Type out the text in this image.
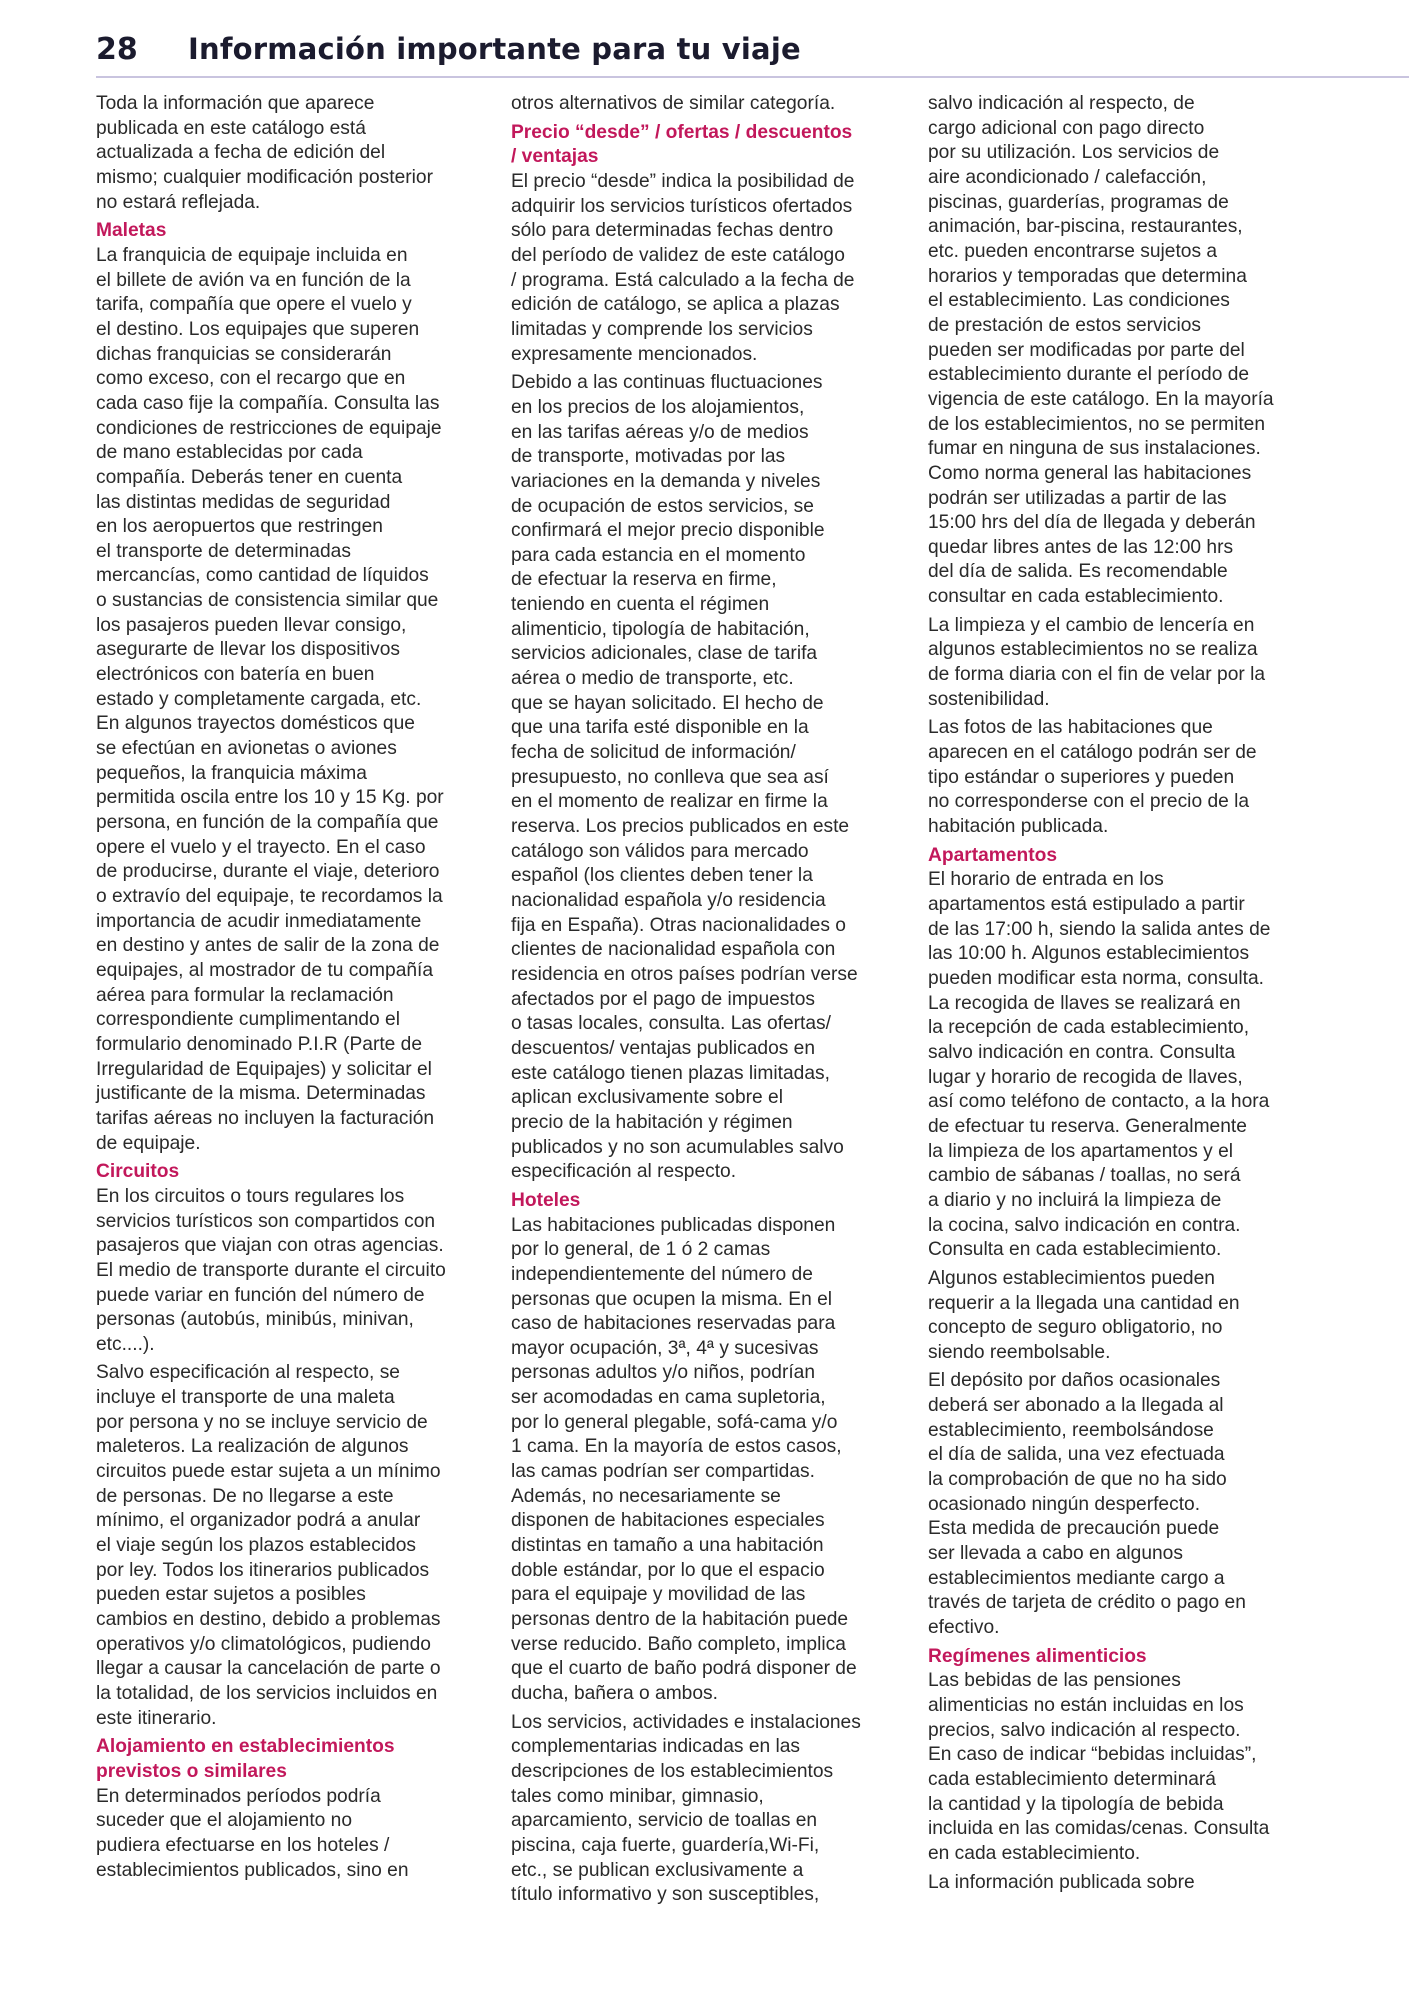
28 Información importante para tu viaje

Toda la información que aparece
publicada en este catálogo está
actualizada a fecha de edición del
mismo; cualquier modificación posterior
no estará reflejada.

Maletas

La franquicia de equipaje incluida en
el billete de avión va en función de la
tarifa, compañía que opere el vuelo y
el destino. Los equipajes que superen
dichas franquicias se considerarán
como exceso, con el recargo que en
cada caso fije la compañía. Consulta las
condiciones de restricciones de equipaje
de mano establecidas por cada
compañía. Deberás tener en cuenta
las distintas medidas de seguridad
en los aeropuertos que restringen
el transporte de determinadas
mercancías, como cantidad de líquidos
o sustancias de consistencia similar que
los pasajeros pueden llevar consigo,
asegurarte de llevar los dispositivos
electrónicos con batería en buen
estado y completamente cargada, etc.
En algunos trayectos domésticos que
se efectúan en avionetas o aviones
pequeños, la franquicia máxima
permitida oscila entre los 10 y 15 Kg. por
persona, en función de la compañía que
opere el vuelo y el trayecto. En el caso
de producirse, durante el viaje, deterioro
o extravío del equipaje, te recordamos la
importancia de acudir inmediatamente
en destino y antes de salir de la zona de
equipajes, al mostrador de tu compañía
aérea para formular la reclamación
correspondiente cumplimentando el
formulario denominado P.I.R (Parte de
Irregularidad de Equipajes) y solicitar el
justificante de la misma. Determinadas
tarifas aéreas no incluyen la facturación
de equipaje.

Circuitos

En los circuitos o tours regulares los
servicios turísticos son compartidos con
pasajeros que viajan con otras agencias.
El medio de transporte durante el circuito
puede variar en función del número de
personas (autobús, minibús, minivan,
etc....).

Salvo especificación al respecto, se
incluye el transporte de una maleta
por persona y no se incluye servicio de
maleteros. La realización de algunos
circuitos puede estar sujeta a un mínimo
de personas. De no llegarse a este
mínimo, el organizador podrá a anular
el viaje según los plazos establecidos
por ley. Todos los itinerarios publicados
pueden estar sujetos a posibles
cambios en destino, debido a problemas
operativos y/o climatológicos, pudiendo
llegar a causar la cancelación de parte o
la totalidad, de los servicios incluidos en
este itinerario.

Alojamiento en establecimientos
previstos o similares

En determinados períodos podría
suceder que el alojamiento no
pudiera efectuarse en los hoteles /
establecimientos publicados, sino en

otros alternativos de similar categoría.

Precio “desde” / ofertas / descuentos
/ ventajas

El precio “desde” indica la posibilidad de
adquirir los servicios turísticos ofertados
sólo para determinadas fechas dentro
del período de validez de este catálogo
/ programa. Está calculado a la fecha de
edición de catálogo, se aplica a plazas
limitadas y comprende los servicios
expresamente mencionados.

Debido a las continuas fluctuaciones
en los precios de los alojamientos,
en las tarifas aéreas y/o de medios
de transporte, motivadas por las
variaciones en la demanda y niveles
de ocupación de estos servicios, se
confirmará el mejor precio disponible
para cada estancia en el momento
de efectuar la reserva en firme,
teniendo en cuenta el régimen
alimenticio, tipología de habitación,
servicios adicionales, clase de tarifa
aérea o medio de transporte, etc.
que se hayan solicitado. El hecho de
que una tarifa esté disponible en la
fecha de solicitud de información/
presupuesto, no conlleva que sea así
en el momento de realizar en firme la
reserva. Los precios publicados en este
catálogo son válidos para mercado
español (los clientes deben tener la
nacionalidad española y/o residencia
fija en España). Otras nacionalidades o
clientes de nacionalidad española con
residencia en otros países podrían verse
afectados por el pago de impuestos
o tasas locales, consulta. Las ofertas/
descuentos/ ventajas publicados en
este catálogo tienen plazas limitadas,
aplican exclusivamente sobre el
precio de la habitación y régimen
publicados y no son acumulables salvo
especificación al respecto.

Hoteles

Las habitaciones publicadas disponen
por lo general, de 1 ó 2 camas
independientemente del número de
personas que ocupen la misma. En el
caso de habitaciones reservadas para
mayor ocupación, 3ª, 4ª y sucesivas
personas adultos y/o niños, podrían
ser acomodadas en cama supletoria,
por lo general plegable, sofá-cama y/o
1 cama. En la mayoría de estos casos,
las camas podrían ser compartidas.
Además, no necesariamente se
disponen de habitaciones especiales
distintas en tamaño a una habitación
doble estándar, por lo que el espacio
para el equipaje y movilidad de las
personas dentro de la habitación puede
verse reducido. Baño completo, implica
que el cuarto de baño podrá disponer de
ducha, bañera o ambos.

Los servicios, actividades e instalaciones
complementarias indicadas en las
descripciones de los establecimientos
tales como minibar, gimnasio,
aparcamiento, servicio de toallas en
piscina, caja fuerte, guardería,Wi-Fi,
etc., se publican exclusivamente a
título informativo y son susceptibles,

salvo indicación al respecto, de
cargo adicional con pago directo
por su utilización. Los servicios de
aire acondicionado / calefacción,
piscinas, guarderías, programas de
animación, bar-piscina, restaurantes,
etc. pueden encontrarse sujetos a
horarios y temporadas que determina
el establecimiento. Las condiciones
de prestación de estos servicios
pueden ser modificadas por parte del
establecimiento durante el período de
vigencia de este catálogo. En la mayoría
de los establecimientos, no se permiten
fumar en ninguna de sus instalaciones.
Como norma general las habitaciones
podrán ser utilizadas a partir de las
15:00 hrs del día de llegada y deberán
quedar libres antes de las 12:00 hrs
del día de salida. Es recomendable
consultar en cada establecimiento.

La limpieza y el cambio de lencería en
algunos establecimientos no se realiza
de forma diaria con el fin de velar por la
sostenibilidad.

Las fotos de las habitaciones que
aparecen en el catálogo podrán ser de
tipo estándar o superiores y pueden
no corresponderse con el precio de la
habitación publicada.

Apartamentos

El horario de entrada en los
apartamentos está estipulado a partir
de las 17:00 h, siendo la salida antes de
las 10:00 h. Algunos establecimientos
pueden modificar esta norma, consulta.
La recogida de llaves se realizará en
la recepción de cada establecimiento,
salvo indicación en contra. Consulta
lugar y horario de recogida de llaves,
así como teléfono de contacto, a la hora
de efectuar tu reserva. Generalmente
la limpieza de los apartamentos y el
cambio de sábanas / toallas, no será
a diario y no incluirá la limpieza de
la cocina, salvo indicación en contra.
Consulta en cada establecimiento.

Algunos establecimientos pueden
requerir a la llegada una cantidad en
concepto de seguro obligatorio, no
siendo reembolsable.

El depósito por daños ocasionales
deberá ser abonado a la llegada al
establecimiento, reembolsándose
el día de salida, una vez efectuada
la comprobación de que no ha sido
ocasionado ningún desperfecto.
Esta medida de precaución puede
ser llevada a cabo en algunos
establecimientos mediante cargo a
través de tarjeta de crédito o pago en
efectivo.

Regímenes alimenticios

Las bebidas de las pensiones
alimenticias no están incluidas en los
precios, salvo indicación al respecto.
En caso de indicar “bebidas incluidas”,
cada establecimiento determinará
la cantidad y la tipología de bebida
incluida en las comidas/cenas. Consulta
en cada establecimiento.

La información publicada sobre
